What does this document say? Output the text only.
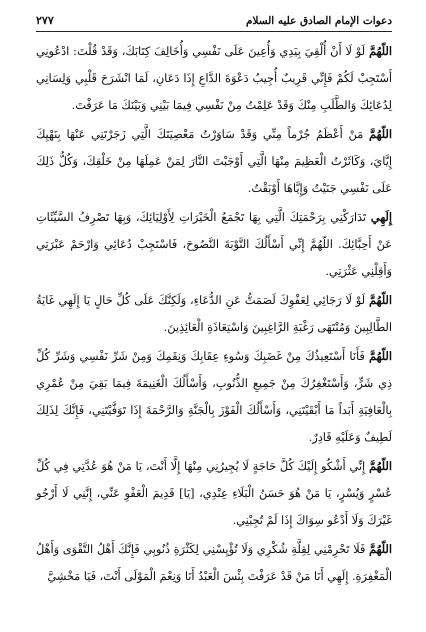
دعوات الإمام الصادق عليه السلام
٢٧٧

اللّهُمَّ لَوْ لَا أَنْ أُلْقِيَ بِيَدِي وَأُعِينَ عَلَى نَفْسِي وَأُخَالِفَ كِتَابَكَ، وَقَدْ قُلْتَ: ادْعُونِي أَسْتَجِبْ لَكُمْ فَإِنِّي قَرِيبٌ أُجِيبُ دَعْوَةَ الدَّاعِ إِذَا دَعَانِ، لَمَا انْشَرَحَ قَلْبِي وَلِسَانِي لِدُعَائِكَ وَالطَّلَبِ مِنْكَ وَقَدْ عَلِمْتُ مِنْ نَفْسِي فِيمَا بَيْنِي وَبَيْنَكَ مَا عَرَفْتَ.

اللّهُمَّ مَنْ أَعْظَمُ جُرْماً مِنِّي وَقَدْ سَاوَرْتُ مَعْصِيَتَكَ الَّتِي زَجَرْتَنِي عَنْهَا بِنَهْيِكَ إِيَّايَ، وَكَاثَرْتُ الْعَظِيمَ مِنْهَا الَّتِي أَوْجَبْتَ النَّارَ لِمَنْ عَمِلَهَا مِنْ خَلْقِكَ، وَكُلُّ ذَلِكَ عَلَى نَفْسِي جَنَيْتُ وَإِيَّاهَا أَوْبَقْتُ.

إِلَهِي تَدَارَكْنِي بِرَحْمَتِكَ الَّتِي بِهَا تَجْمَعُ الْخَيْرَاتِ لِأَوْلِيَائِكَ، وَبِهَا تَصْرِفُ السَّيِّئَاتِ عَنْ أَحِبَّائِكَ. اللّهُمَّ إِنِّي أَسْأَلُكَ التَّوْبَةَ النَّصُوحَ، فَاسْتَجِبْ دُعَائِي وَارْحَمْ عَبْرَتِي وَأَقِلْنِي عَثْرَتِي.

اللّهُمَّ لَوْ لَا رَجَائِي لِعَفْوِكَ لَصَمَتُّ عَنِ الدُّعَاءِ، وَلَكِنَّكَ عَلَى كُلِّ حَالٍ يَا إِلَهِي غَايَةُ الطَّالِبِينَ وَمُنْتَهَى رَغْبَةِ الرَّاغِبِينَ وَاسْتِعَاذَةِ الْعَائِذِينَ.

اللّهُمَّ فَأَنَا أَسْتَعِيذُكَ مِنْ غَضَبِكَ وَسُوءِ عِقَابِكَ وَنِقَمِكَ وَمِنْ شَرِّ نَفْسِي وَشَرِّ كُلِّ ذِي شَرٍّ، وَأَسْتَغْفِرُكَ مِنْ جَمِيعِ الذُّنُوبِ، وَأَسْأَلُكَ الْغَنِيمَةَ فِيمَا بَقِيَ مِنْ عُمْرِي بِالْعَافِيَةِ أَبَداً مَا أَبْقَيْتَنِي، وَأَسْأَلُكَ الْفَوْزَ بِالْجَنَّةِ وَالرَّحْمَةَ إِذَا تَوَفَّيْتَنِي، فَإِنَّكَ لِذَلِكَ لَطِيفٌ وَعَلَيْهِ قَادِرٌ.

اللّهُمَّ إِنِّي أَشْكُو إِلَيْكَ كُلَّ حَاجَةٍ لَا يُجِيرُنِي مِنْهَا إِلَّا أَنْتَ، يَا مَنْ هُوَ عُدَّتِي فِي كُلِّ عُسْرٍ وَيُسْرٍ، يَا مَنْ هُوَ حَسَنُ الْبَلَاءِ عِنْدِي، [يَا] قَدِيمَ الْعَفْوِ عَنِّي، إِنَّنِي لَا أَرْجُو غَيْرَكَ وَلَا أَدْعُو سِوَاكَ إِذَا لَمْ تُجِبْنِي.

اللّهُمَّ فَلَا تَحْرِمْنِي لِقِلَّةِ شُكْرِي وَلَا تُؤْيِسْنِي لِكَثْرَةِ ذُنُوبِي فَإِنَّكَ أَهْلُ التَّقْوَى وَأَهْلُ الْمَغْفِرَةِ. إِلَهِي أَنَا مَنْ قَدْ عَرَفْتَ بِئْسَ الْعَبْدُ أَنَا وَنِعْمَ الْمَوْلَى أَنْتَ، فَيَا مَخْشِيَّ
